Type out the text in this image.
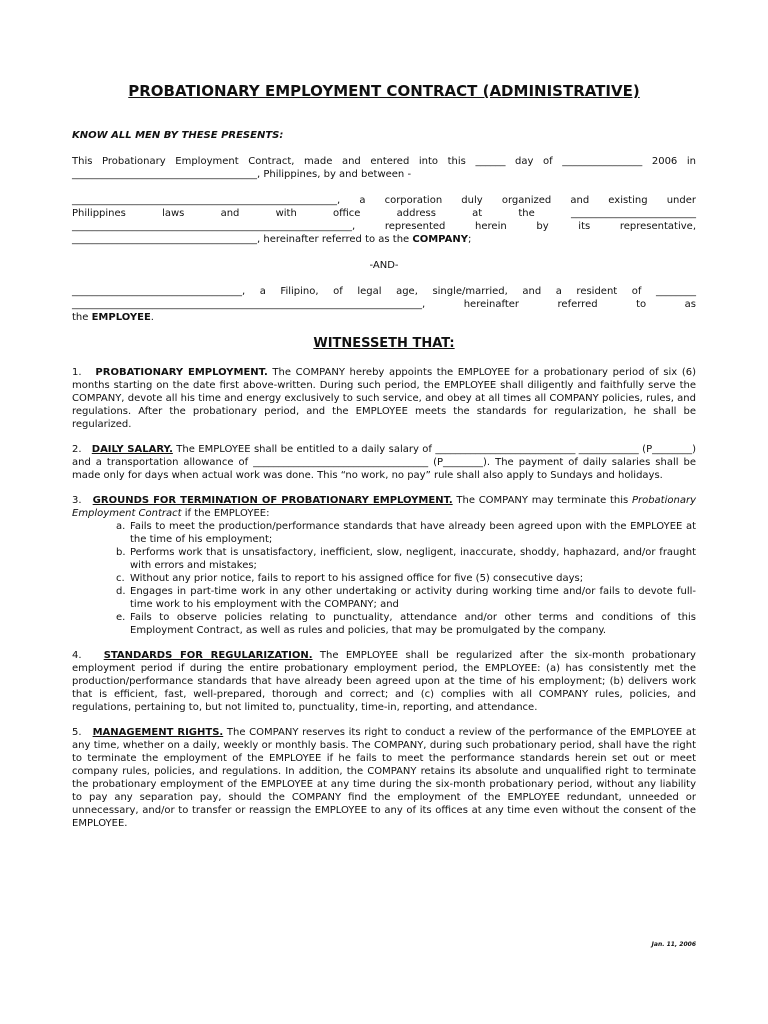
PROBATIONARY EMPLOYMENT CONTRACT (ADMINISTRATIVE)
KNOW ALL MEN BY THESE PRESENTS:

This Probationary Employment Contract, made and entered into this ______ day of ________________ 2006 in

_____________________________________, Philippines, by and between -

_____________________________________________________, a corporation duly organized and existing under

Philippines laws and with office address at the _________________________

________________________________________________________, represented herein by its representative,

_____________________________________, hereinafter referred to as the COMPANY;

-AND-

__________________________________, a Filipino, of legal age, single/married, and a resident of ________

______________________________________________________________________, hereinafter referred to as

the EMPLOYEE.

WITNESSETH THAT:
1. PROBATIONARY EMPLOYMENT. The COMPANY hereby appoints the EMPLOYEE for a probationary period of six (6) months starting on the date first above-written. During such period, the EMPLOYEE shall diligently and faithfully serve the COMPANY, devote all his time and energy exclusively to such service, and obey at all times all COMPANY policies, rules, and regulations. After the probationary period, and the EMPLOYEE meets the standards for regularization, he shall be regularized.
2. DAILY SALARY. The EMPLOYEE shall be entitled to a daily salary of ____________________________ ____________ (P________) and a transportation allowance of ___________________________________ (P________). The payment of daily salaries shall be made only for days when actual work was done. This “no work, no pay” rule shall also apply to Sundays and holidays.
3. GROUNDS FOR TERMINATION OF PROBATIONARY EMPLOYMENT. The COMPANY may terminate this Probationary Employment Contract if the EMPLOYEE:
a. Fails to meet the production/performance standards that have already been agreed upon with the EMPLOYEE at the time of his employment;
b. Performs work that is unsatisfactory, inefficient, slow, negligent, inaccurate, shoddy, haphazard, and/or fraught with errors and mistakes;
c. Without any prior notice, fails to report to his assigned office for five (5) consecutive days;
d. Engages in part-time work in any other undertaking or activity during working time and/or fails to devote full-time work to his employment with the COMPANY; and
e. Fails to observe policies relating to punctuality, attendance and/or other terms and conditions of this Employment Contract, as well as rules and policies, that may be promulgated by the company.
4. STANDARDS FOR REGULARIZATION. The EMPLOYEE shall be regularized after the six-month probationary employment period if during the entire probationary employment period, the EMPLOYEE: (a) has consistently met the production/performance standards that have already been agreed upon at the time of his employment; (b) delivers work that is efficient, fast, well-prepared, thorough and correct; and (c) complies with all COMPANY rules, policies, and regulations, pertaining to, but not limited to, punctuality, time-in, reporting, and attendance.
5. MANAGEMENT RIGHTS. The COMPANY reserves its right to conduct a review of the performance of the EMPLOYEE at any time, whether on a daily, weekly or monthly basis. The COMPANY, during such probationary period, shall have the right to terminate the employment of the EMPLOYEE if he fails to meet the performance standards herein set out or meet company rules, policies, and regulations. In addition, the COMPANY retains its absolute and unqualified right to terminate the probationary employment of the EMPLOYEE at any time during the six-month probationary period, without any liability to pay any separation pay, should the COMPANY find the employment of the EMPLOYEE redundant, unneeded or unnecessary, and/or to transfer or reassign the EMPLOYEE to any of its offices at any time even without the consent of the EMPLOYEE.
Jan. 11, 2006
